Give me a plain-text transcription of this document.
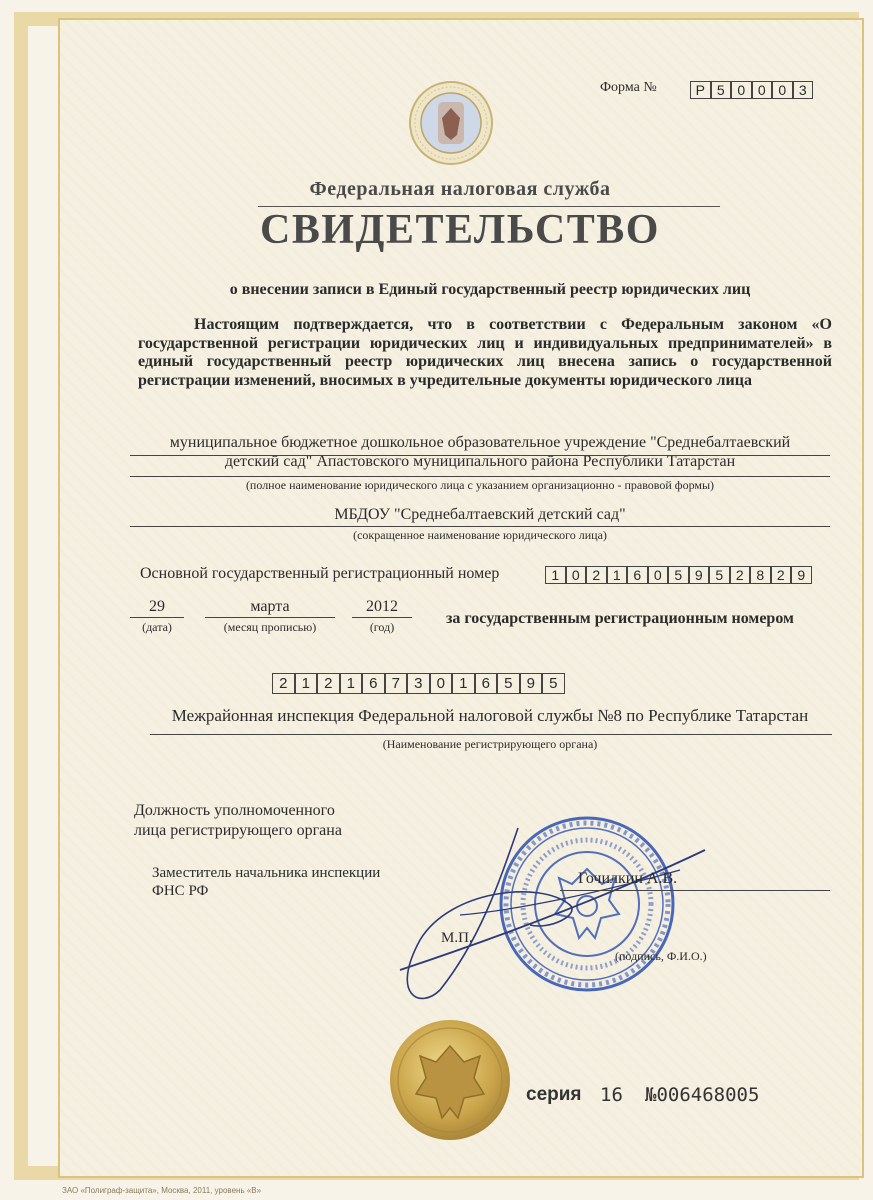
Форма №	Р 5 0 0 0 3
Федеральная налоговая служба
СВИДЕТЕЛЬСТВО
о внесении записи в Единый государственный реестр юридических лиц
Настоящим подтверждается, что в соответствии с Федеральным законом «О государственной регистрации юридических лиц и индивидуальных предпринимателей» в единый государственный реестр юридических лиц внесена запись о государственной регистрации изменений, вносимых в учредительные документы юридического лица
муниципальное бюджетное дошкольное образовательное учреждение "Среднебалтаевский
детский сад" Апастовского муниципального района Республики Татарстан
(полное наименование юридического лица с указанием организационно - правовой формы)
МБДОУ "Среднебалтаевский детский сад"
(сокращенное наименование юридического лица)
Основной государственный регистрационный номер	1 0 2 1 6 0 5 9 5 2 8 2 9
29
(дата)
марта
(месяц прописью)
2012
(год)	за государственным регистрационным номером
2 1 2 1 6 7 3 0 1 6 5 9 5
Межрайонная инспекция Федеральной налоговой службы №8 по Республике Татарстан
(Наименование регистрирующего органа)
Должность уполномоченного
лица регистрирующего органа
Заместитель начальника инспекции
ФНС РФ
Гочилкин А.В.
М.П.
(подпись, Ф.И.О.)
серия 16 №006468005
ЗАО «Полиграф-защита», Москва, 2011, уровень «В»
